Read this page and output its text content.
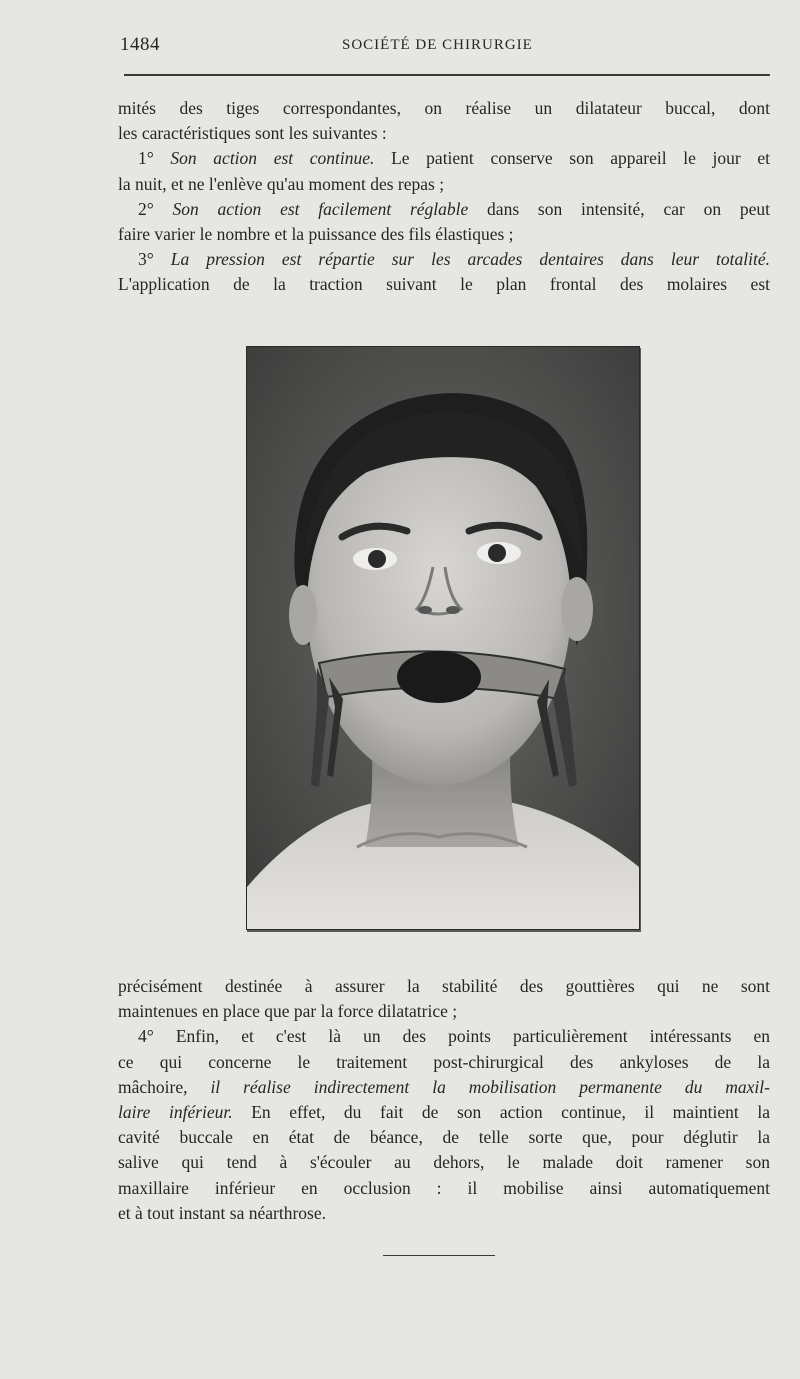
1484	SOCIÉTÉ DE CHIRURGIE
mités des tiges correspondantes, on réalise un dilatateur buccal, dont
les caractéristiques sont les suivantes :
1° Son action est continue. Le patient conserve son appareil le jour et
la nuit, et ne l'enlève qu'au moment des repas ;
2° Son action est facilement réglable dans son intensité, car on peut
faire varier le nombre et la puissance des fils élastiques ;
3° La pression est répartie sur les arcades dentaires dans leur totalité.
L'application de la traction suivant le plan frontal des molaires est
précisément destinée à assurer la stabilité des gouttières qui ne sont
maintenues en place que par la force dilatatrice ;
4° Enfin, et c'est là un des points particulièrement intéressants en
ce qui concerne le traitement post-chirurgical des ankyloses de la
mâchoire, il réalise indirectement la mobilisation permanente du maxil-
laire inférieur. En effet, du fait de son action continue, il maintient la
cavité buccale en état de béance, de telle sorte que, pour déglutir la
salive qui tend à s'écouler au dehors, le malade doit ramener son
maxillaire inférieur en occlusion : il mobilise ainsi automatiquement
et à tout instant sa néarthrose.
